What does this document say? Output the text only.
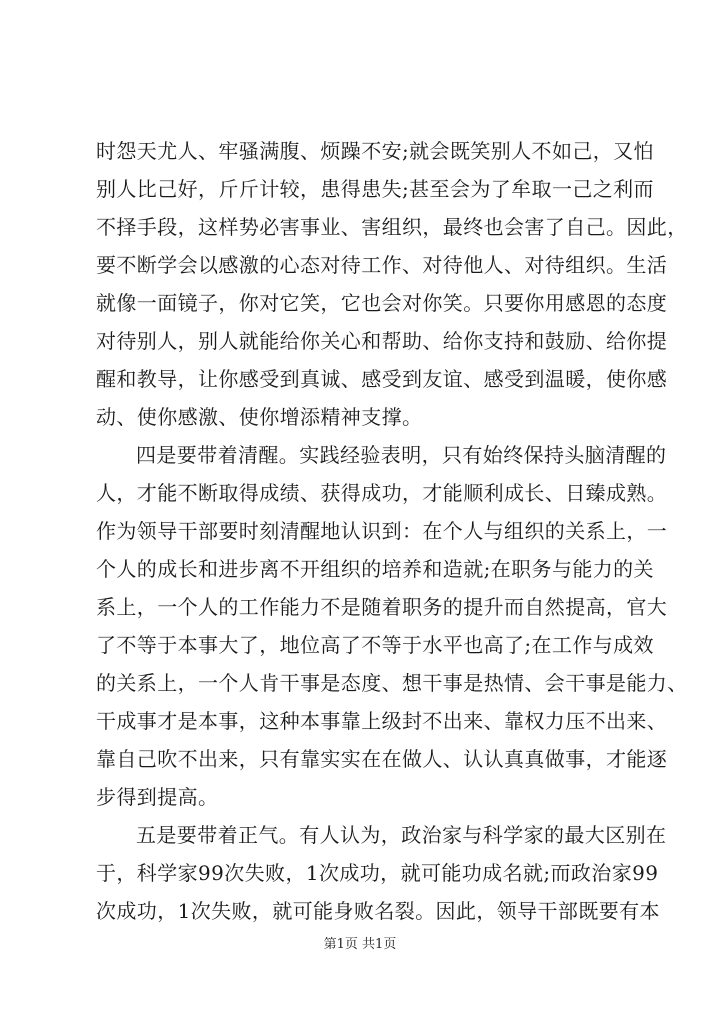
时怨天尤人、牢骚满腹、烦躁不安;就会既笑别人不如己，又怕
别人比己好，斤斤计较，患得患失;甚至会为了牟取一己之利而
不择手段，这样势必害事业、害组织，最终也会害了自己。因此，
要不断学会以感激的心态对待工作、对待他人、对待组织。生活
就像一面镜子，你对它笑，它也会对你笑。只要你用感恩的态度
对待别人，别人就能给你关心和帮助、给你支持和鼓励、给你提
醒和教导，让你感受到真诚、感受到友谊、感受到温暖，使你感
动、使你感激、使你增添精神支撑。
四是要带着清醒。实践经验表明，只有始终保持头脑清醒的
人，才能不断取得成绩、获得成功，才能顺利成长、日臻成熟。
作为领导干部要时刻清醒地认识到：在个人与组织的关系上，一
个人的成长和进步离不开组织的培养和造就;在职务与能力的关
系上，一个人的工作能力不是随着职务的提升而自然提高，官大
了不等于本事大了，地位高了不等于水平也高了;在工作与成效
的关系上，一个人肯干事是态度、想干事是热情、会干事是能力、
干成事才是本事，这种本事靠上级封不出来、靠权力压不出来、
靠自己吹不出来，只有靠实实在在做人、认认真真做事，才能逐
步得到提高。
五是要带着正气。有人认为，政治家与科学家的最大区别在
于，科学家99次失败，1次成功，就可能功成名就;而政治家99
次成功，1次失败，就可能身败名裂。因此，领导干部既要有本
第1页 共1页
